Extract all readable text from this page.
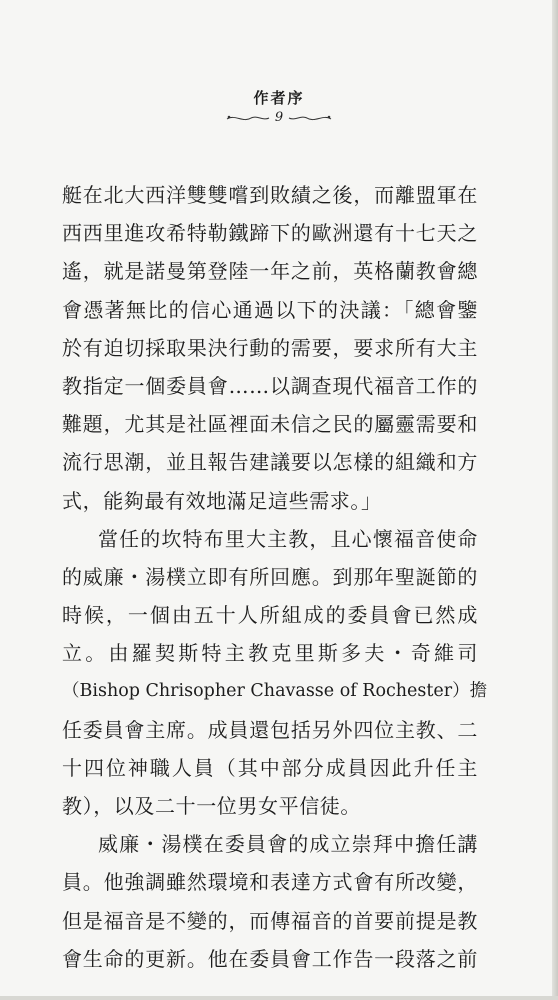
作者序
9
艇在北大西洋雙雙嚐到敗績之後，而離盟軍在
西西里進攻希特勒鐵蹄下的歐洲還有十七天之
遙，就是諾曼第登陸一年之前，英格蘭教會總
會憑著無比的信心通過以下的決議：「總會鑒
於有迫切採取果決行動的需要，要求所有大主
教指定一個委員會……以調查現代福音工作的
難題，尤其是社區裡面未信之民的屬靈需要和
流行思潮，並且報告建議要以怎樣的組織和方
式，能夠最有效地滿足這些需求。」
當任的坎特布里大主教，且心懷福音使命
的威廉・湯樸立即有所回應。到那年聖誕節的
時候，一個由五十人所組成的委員會已然成
立。由羅契斯特主教克里斯多夫・奇維司
（Bishop Chrisopher Chavasse of Rochester）擔
任委員會主席。成員還包括另外四位主教、二
十四位神職人員（其中部分成員因此升任主
教），以及二十一位男女平信徒。
威廉・湯樸在委員會的成立崇拜中擔任講
員。他強調雖然環境和表達方式會有所改變，
但是福音是不變的，而傳福音的首要前提是教
會生命的更新。他在委員會工作告一段落之前
